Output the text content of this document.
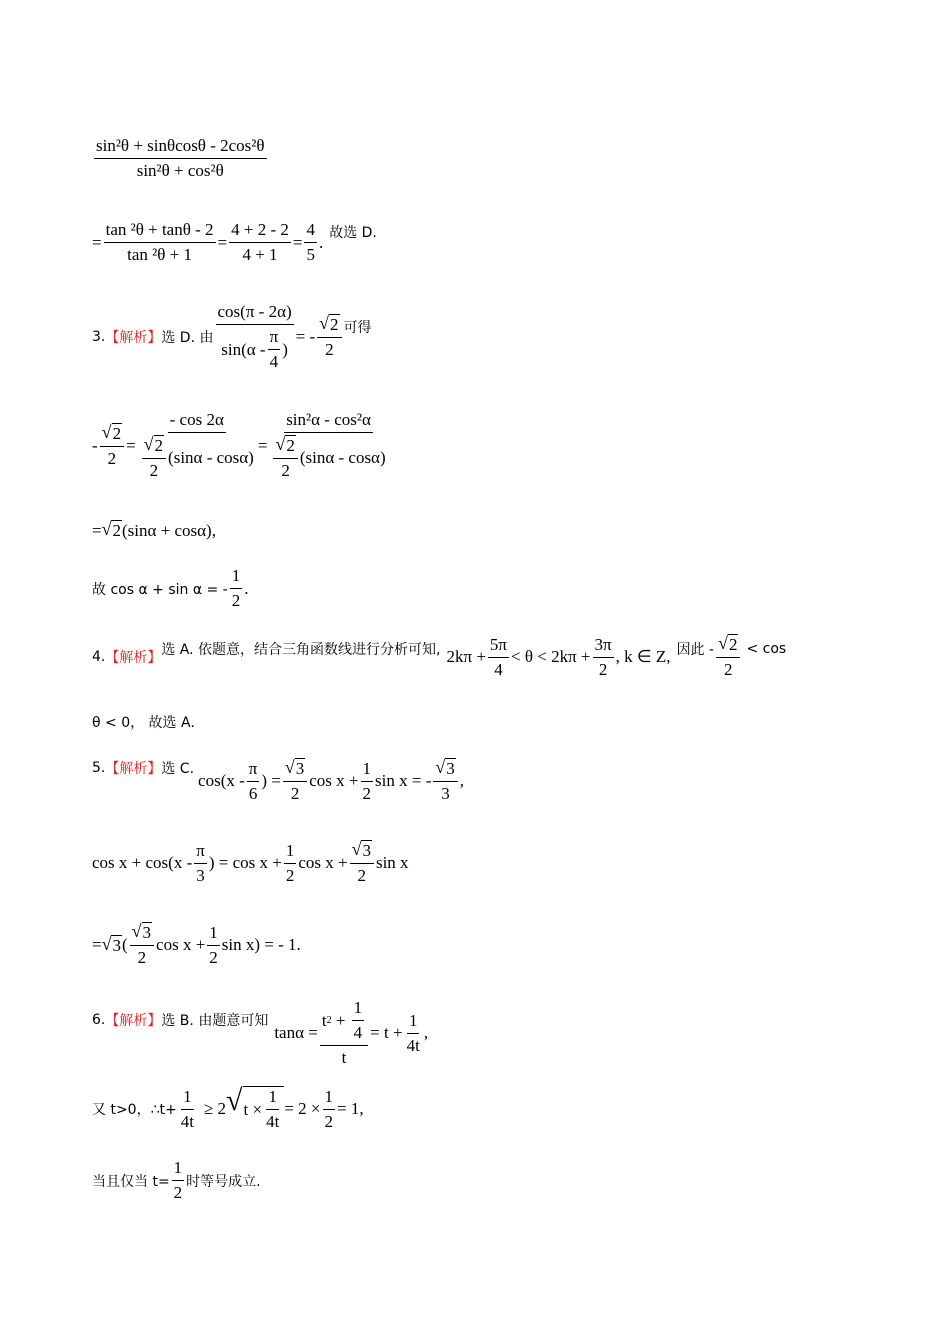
$\frac{\text{sin²θ + sinθcosθ - 2cos²θ}}{\text{sin²θ + cos²θ}}$
= $\frac{\text{tan ²θ + tanθ - 2}}{\text{tan ²θ + 1}} = \frac{4 + 2 - 2}{4 + 1} = \frac{4}{5}$ . 故选 D.
3. 【解析】 选 D. 由 $\frac{\cos(\pi - 2\alpha)}{\sin(\alpha - \frac{\pi}{4} )}$ = - $\frac{√ 2}{2}$ 可得
- $\frac{√ 2}{2} = \frac{- \cos 2\alpha}{\frac{√ 2}{2} (\sin\alpha - \cos\alpha)} = \frac{\text{sin²α - cos²α}}{\frac{√ 2}{2} (\sin\alpha - \cos\alpha)}$
= √ 2 (sinα + cosα),
故 cos α + sin α = - $\frac{1}{2}$ .
4. 【解析】 选 A. 依题意，结合三角函数线进行分析可知, $2k\pi + \frac{5\pi}{4} < \theta < 2k\pi + \frac{3\pi}{2}$ , k ∈ Z, 因此 - $\frac{√ 2}{2} < \cos$
θ < 0， 故选 A.
5. 【解析】 选 C.
$\cos(x - \frac{\pi}{6}$ ) = $\frac{√ 3}{2}$ $\cos x + \frac{1}{2}$ sin x = - $\frac{√ 3}{3}$ ,
$\cos x + \cos(x - \frac{\pi}{3}$ ) = $\cos x + \frac{1}{2}$ $\cos x + \frac{√ 3}{2}$ sin x
= √ 3 ( $\frac{√ 3}{2}$ $\cos x + \frac{1}{2}$ sin x) = - 1.
6. 【解析】 选 B. 由题意可知
$\tan\alpha = \frac{t 2 + \frac{1}{4}}{t} = t + \frac{1}{4t}$ ,
又 t>0，∴t+ $\frac{1}{4t} \ge 2$ √ $t \times \frac{1}{4t} = 2 \times \frac{1}{2} = 1$,
当且仅当 $t= \frac{1}{2}$ 时等号成立.
